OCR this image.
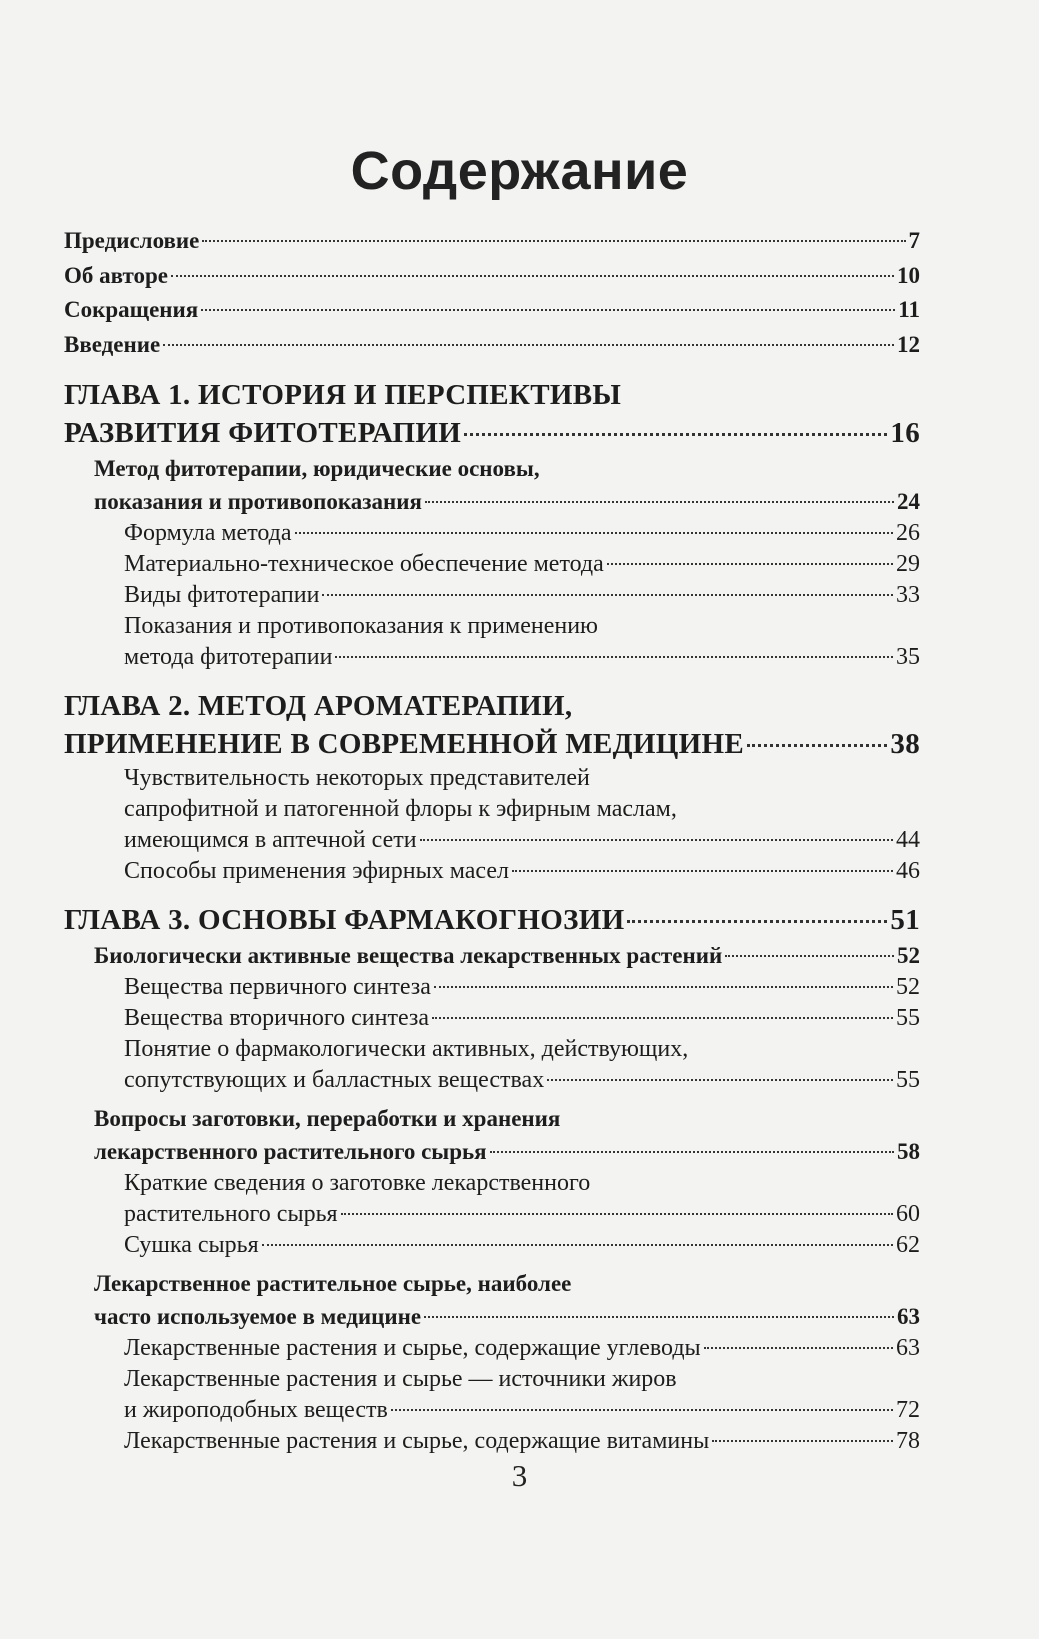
Содержание
Предисловие	7
Об авторе	10
Сокращения	11
Введение	12
ГЛАВА 1. ИСТОРИЯ И ПЕРСПЕКТИВЫ
РАЗВИТИЯ ФИТОТЕРАПИИ	16
Метод фитотерапии, юридические основы,
показания и противопоказания	24
Формула метода	26
Материально-техническое обеспечение метода	29
Виды фитотерапии	33
Показания и противопоказания к применению
метода фитотерапии	35
ГЛАВА 2. МЕТОД АРОМАТЕРАПИИ,
ПРИМЕНЕНИЕ В СОВРЕМЕННОЙ МЕДИЦИНЕ	38
Чувствительность некоторых представителей
сапрофитной и патогенной флоры к эфирным маслам,
имеющимся в аптечной сети	44
Способы применения эфирных масел	46
ГЛАВА 3. ОСНОВЫ ФАРМАКОГНОЗИИ	51
Биологически активные вещества лекарственных растений	52
Вещества первичного синтеза	52
Вещества вторичного синтеза	55
Понятие о фармакологически активных, действующих,
сопутствующих и балластных веществах	55
Вопросы заготовки, переработки и хранения
лекарственного растительного сырья	58
Краткие сведения о заготовке лекарственного
растительного сырья	60
Сушка сырья	62
Лекарственное растительное сырье, наиболее
часто используемое в медицине	63
Лекарственные растения и сырье, содержащие углеводы	63
Лекарственные растения и сырье — источники жиров
и жироподобных веществ	72
Лекарственные растения и сырье, содержащие витамины	78
3
